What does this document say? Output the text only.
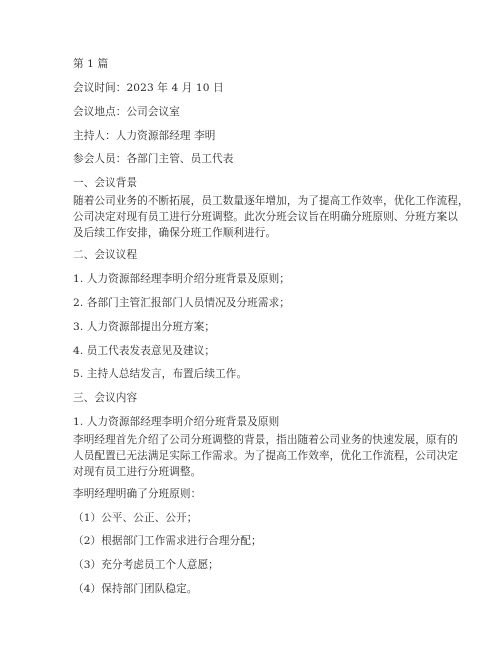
第 1 篇
会议时间：2023 年 4 月 10 日
会议地点：公司会议室
主持人：人力资源部经理 李明
参会人员：各部门主管、员工代表
一、会议背景
随着公司业务的不断拓展，员工数量逐年增加，为了提高工作效率，优化工作流程，
公司决定对现有员工进行分班调整。此次分班会议旨在明确分班原则、分班方案以
及后续工作安排，确保分班工作顺利进行。
二、会议议程
1. 人力资源部经理李明介绍分班背景及原则；
2. 各部门主管汇报部门人员情况及分班需求；
3. 人力资源部提出分班方案；
4. 员工代表发表意见及建议；
5. 主持人总结发言，布置后续工作。
三、会议内容
1. 人力资源部经理李明介绍分班背景及原则
李明经理首先介绍了公司分班调整的背景，指出随着公司业务的快速发展，原有的
人员配置已无法满足实际工作需求。为了提高工作效率，优化工作流程，公司决定
对现有员工进行分班调整。
李明经理明确了分班原则：
（1）公平、公正、公开；
（2）根据部门工作需求进行合理分配；
（3）充分考虑员工个人意愿；
（4）保持部门团队稳定。
